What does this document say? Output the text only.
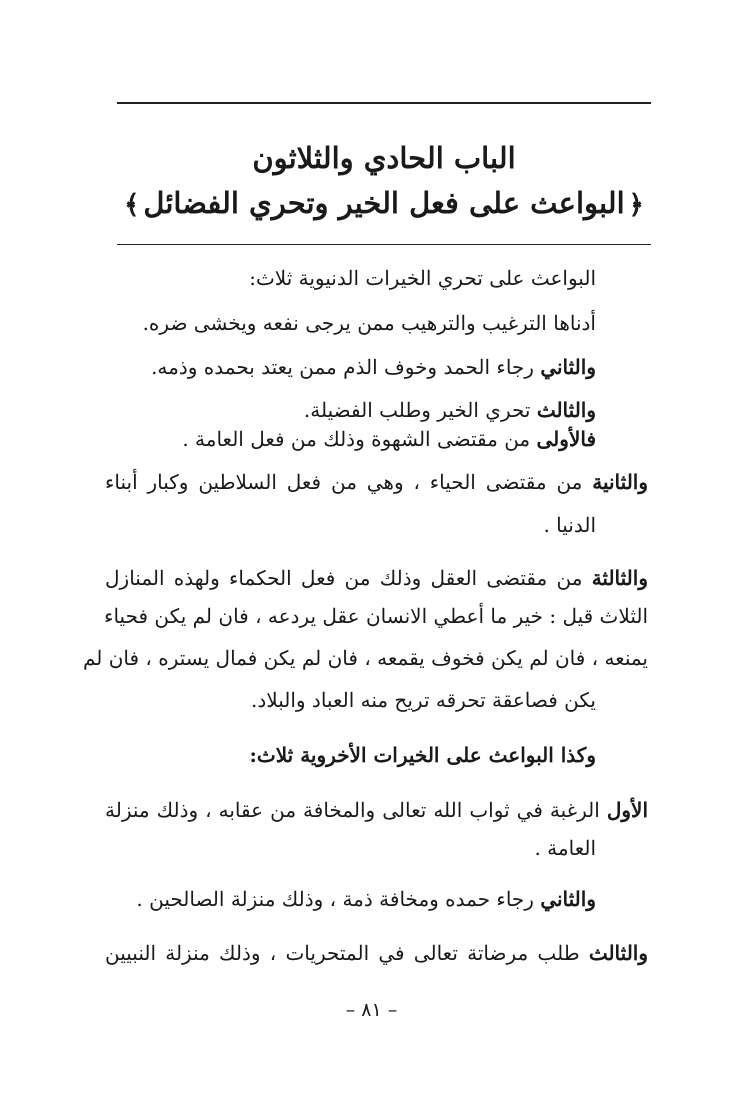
الباب الحادي والثلاثون
﴿البواعث على فعل الخير وتحري الفضائل﴾
البواعث على تحري الخيرات الدنيوية ثلاث:
أدناها الترغيب والترهيب ممن يرجى نفعه ويخشى ضره.
والثاني رجاء الحمد وخوف الذم ممن يعتد بحمده وذمه.
والثالث تحري الخير وطلب الفضيلة.
فالأولى من مقتضى الشهوة وذلك من فعل العامة .
والثانية من مقتضى الحياء ، وهي من فعل السلاطين وكبار أبناء
الدنيا .
والثالثة من مقتضى العقل وذلك من فعل الحكماء ولهذه المنازل
الثلاث قيل : خير ما أعطي الانسان عقل يردعه ، فان لم يكن فحياء
يمنعه ، فان لم يكن فخوف يقمعه ، فان لم يكن فمال يستره ، فان لم
يكن فصاعقة تحرقه تريح منه العباد والبلاد.
وكذا البواعث على الخيرات الأخروية ثلاث:
الأول الرغبة في ثواب الله تعالى والمخافة من عقابه ، وذلك منزلة
العامة .
والثاني رجاء حمده ومخافة ذمة ، وذلك منزلة الصالحين .
والثالث طلب مرضاتة تعالى في المتحريات ، وذلك منزلة النبيين
– ٨١ –
